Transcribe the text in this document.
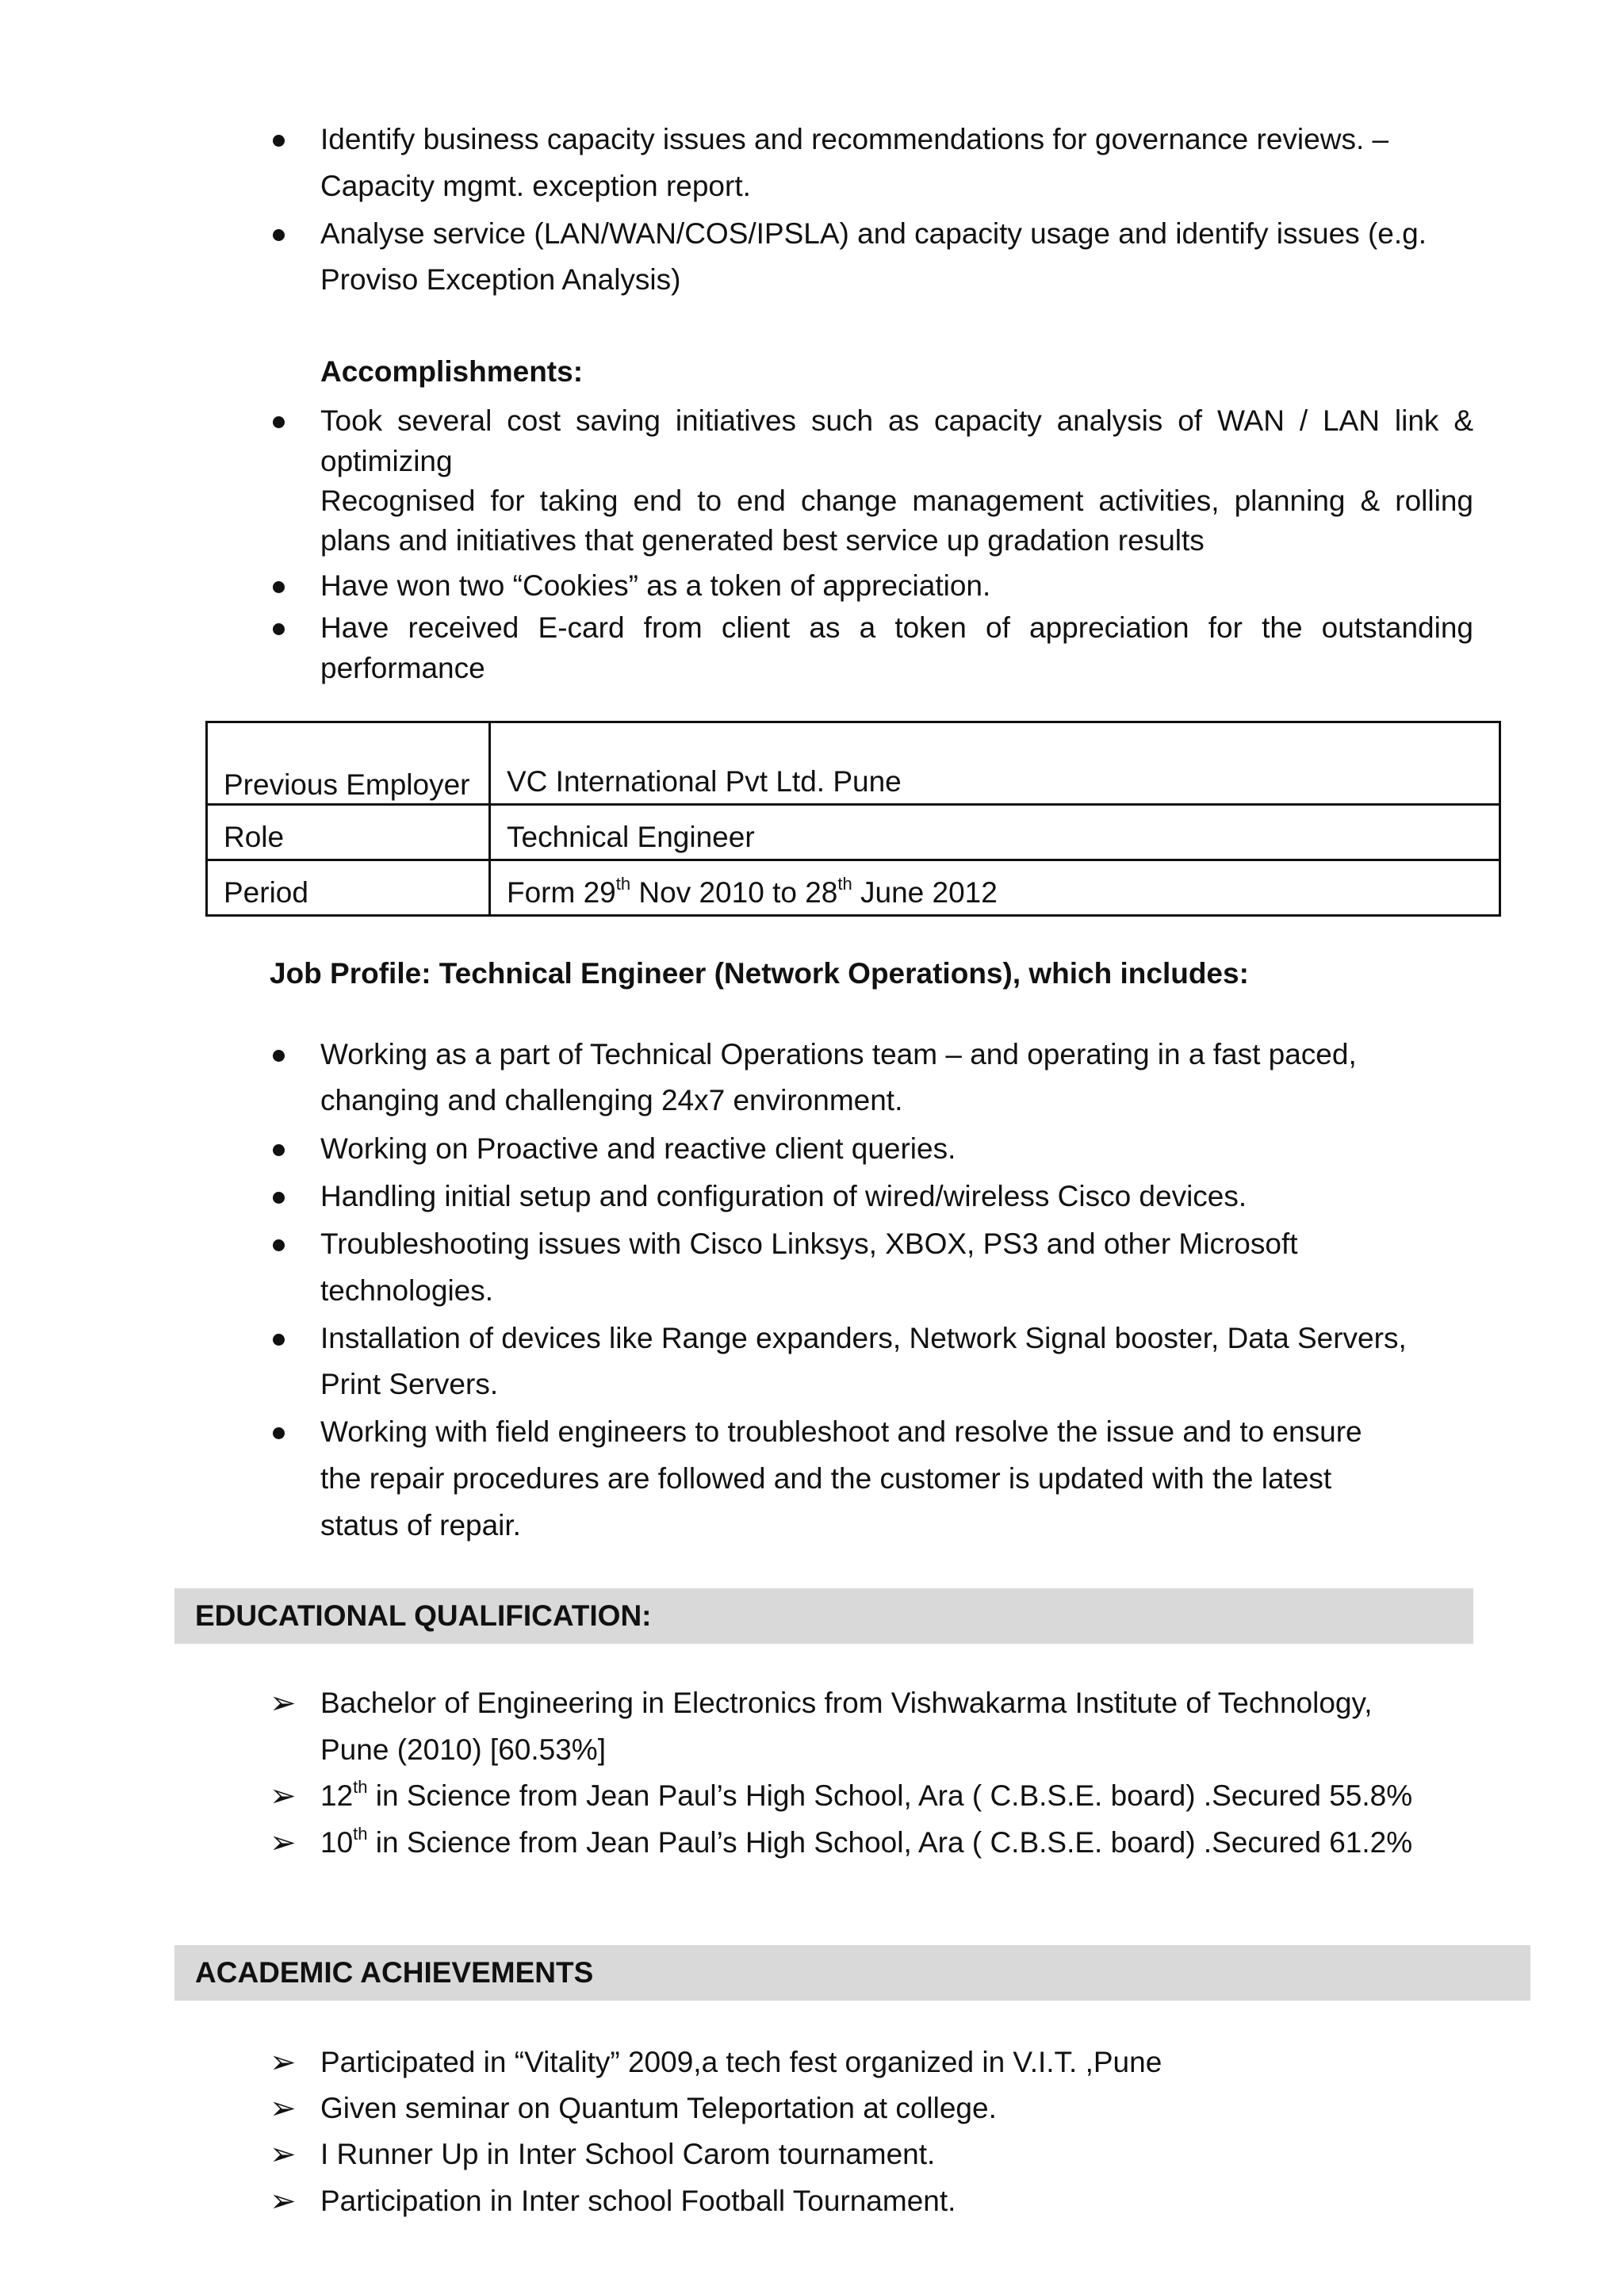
Identify business capacity issues and recommendations for governance reviews. –
Capacity mgmt. exception report.
Analyse service (LAN/WAN/COS/IPSLA) and capacity usage and identify issues (e.g.
Proviso Exception Analysis)
Accomplishments:
Took several cost saving initiatives such as capacity analysis of WAN / LAN link &
optimizing
Recognised for taking end to end change management activities, planning & rolling
plans and initiatives that generated best service up gradation results
Have won two “Cookies” as a token of appreciation.
Have received E-card from client as a token of appreciation for the outstanding
performance
Previous Employer	VC International Pvt Ltd. Pune
Role	Technical Engineer
Period	Form 29th Nov 2010 to 28th June 2012
Job Profile: Technical Engineer (Network Operations), which includes:
Working as a part of Technical Operations team – and operating in a fast paced,
changing and challenging 24x7 environment.
Working on Proactive and reactive client queries.
Handling initial setup and configuration of wired/wireless Cisco devices.
Troubleshooting issues with Cisco Linksys, XBOX, PS3 and other Microsoft
technologies.
Installation of devices like Range expanders, Network Signal booster, Data Servers,
Print Servers.
Working with field engineers to troubleshoot and resolve the issue and to ensure
the repair procedures are followed and the customer is updated with the latest
status of repair.
EDUCATIONAL QUALIFICATION:
➢ Bachelor of Engineering in Electronics from Vishwakarma Institute of Technology,
Pune (2010) [60.53%]
➢ 12th in Science from Jean Paul’s High School, Ara ( C.B.S.E. board) .Secured 55.8%
➢ 10th in Science from Jean Paul’s High School, Ara ( C.B.S.E. board) .Secured 61.2%
ACADEMIC ACHIEVEMENTS
➢ Participated in “Vitality” 2009,a tech fest organized in V.I.T. ,Pune
➢ Given seminar on Quantum Teleportation at college.
➢ I Runner Up in Inter School Carom tournament.
➢ Participation in Inter school Football Tournament.
